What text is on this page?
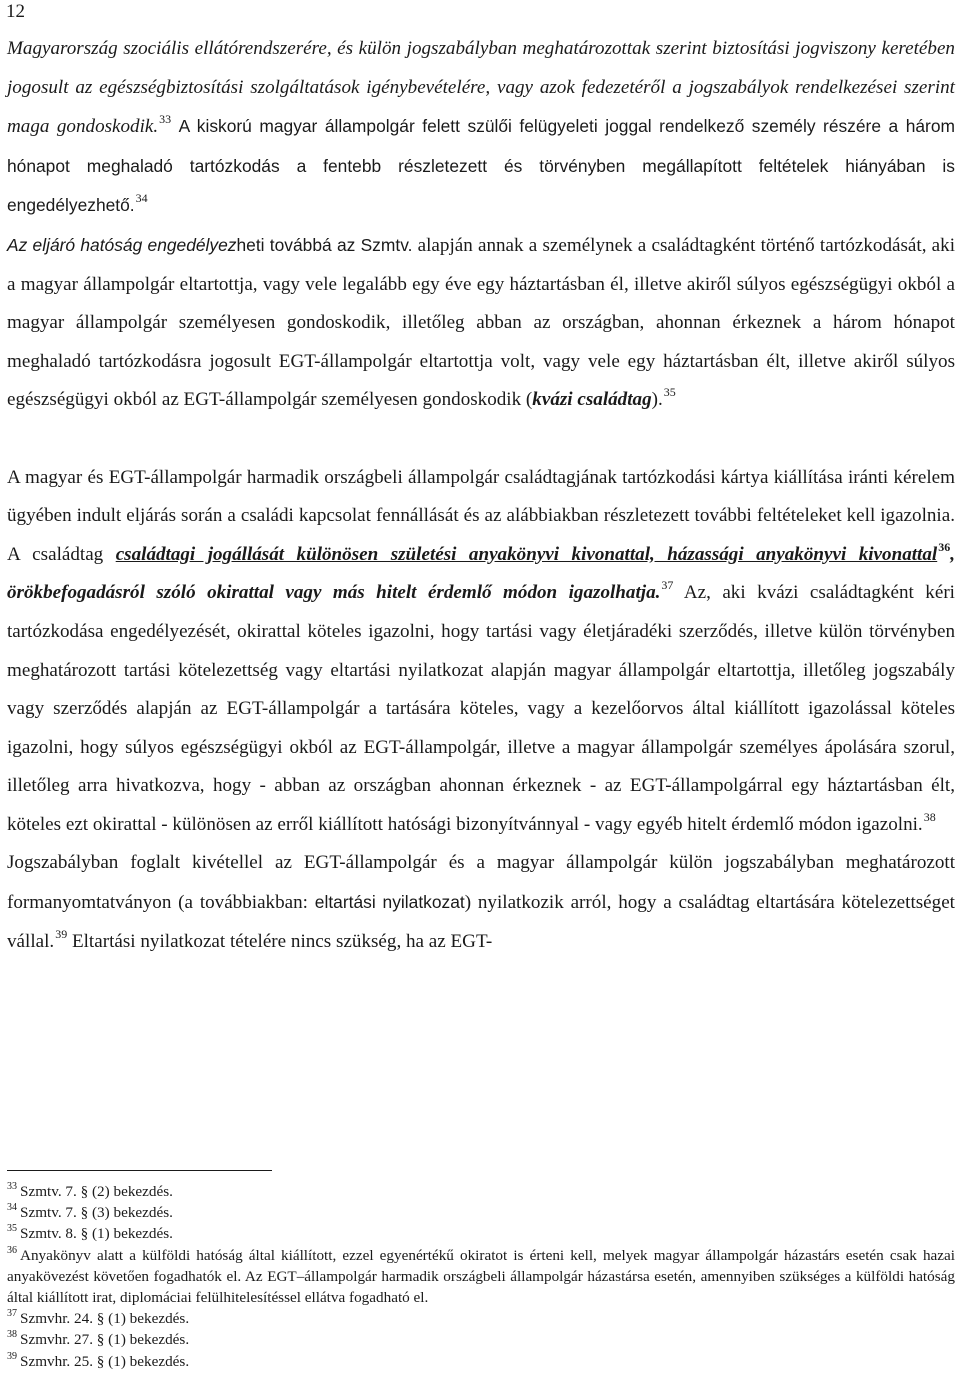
12

Magyarország szociális ellátórendszerére, és külön jogszabályban meghatározottak szerint biztosítási jogviszony keretében jogosult az egészségbiztosítási szolgáltatások igénybevételére, vagy azok fedezetéről a jogszabályok rendelkezései szerint maga gondoskodik.$^{33}$ A kiskorú magyar állampolgár felett szülői felügyeleti joggal rendelkező személy részére a három hónapot meghaladó tartózkodás a fentebb részletezett és törvényben megállapított feltételek hiányában is engedélyezhető.$^{34}$

Az eljáró hatóság engedélyezheti továbbá az Szmtv. alapján annak a személynek a családtagként történő tartózkodását, aki a magyar állampolgár eltartottja, vagy vele legalább egy éve egy háztartásban él, illetve akiről súlyos egészségügyi okból a magyar állampolgár személyesen gondoskodik, illetőleg abban az országban, ahonnan érkeznek a három hónapot meghaladó tartózkodásra jogosult EGT-állampolgár eltartottja volt, vagy vele egy háztartásban élt, illetve akiről súlyos egészségügyi okból az EGT-állampolgár személyesen gondoskodik (kvázi családtag).$^{35}$

A magyar és EGT-állampolgár harmadik országbeli állampolgár családtagjának tartózkodási kártya kiállítása iránti kérelem ügyében indult eljárás során a családi kapcsolat fennállását és az alábbiakban részletezett további feltételeket kell igazolnia. A családtag családtagi jogállását különösen születési anyakönyvi kivonattal, házassági anyakönyvi kivonattal$^{36}$, örökbefogadásról szóló okirattal vagy más hitelt érdemlő módon igazolhatja.$^{37}$ Az, aki kvázi családtagként kéri tartózkodása engedélyezését, okirattal köteles igazolni, hogy tartási vagy életjáradéki szerződés, illetve külön törvényben meghatározott tartási kötelezettség vagy eltartási nyilatkozat alapján magyar állampolgár eltartottja, illetőleg jogszabály vagy szerződés alapján az EGT-állampolgár a tartására köteles, vagy a kezelőorvos által kiállított igazolással köteles igazolni, hogy súlyos egészségügyi okból az EGT-állampolgár, illetve a magyar állampolgár személyes ápolására szorul, illetőleg arra hivatkozva, hogy - abban az országban ahonnan érkeznek - az EGT-állampolgárral egy háztartásban élt, köteles ezt okirattal - különösen az erről kiállított hatósági bizonyítvánnyal - vagy egyéb hitelt érdemlő módon igazolni.$^{38}$

Jogszabályban foglalt kivétellel az EGT-állampolgár és a magyar állampolgár külön jogszabályban meghatározott formanyomtatványon (a továbbiakban: eltartási nyilatkozat) nyilatkozik arról, hogy a családtag eltartására kötelezettséget vállal.$^{39}$ Eltartási nyilatkozat tételére nincs szükség, ha az EGT-

$^{33}$ Szmtv. 7. § (2) bekezdés.

$^{34}$ Szmtv. 7. § (3) bekezdés.

$^{35}$ Szmtv. 8. § (1) bekezdés.

$^{36}$ Anyakönyv alatt a külföldi hatóság által kiállított, ezzel egyenértékű okiratot is érteni kell, melyek magyar állampolgár házastárs esetén csak hazai anyakövezést követően fogadhatók el. Az EGT–állampolgár harmadik országbeli állampolgár házastársa esetén, amennyiben szükséges a külföldi hatóság által kiállított irat, diplomáciai felülhitelesítéssel ellátva fogadható el.

$^{37}$ Szmvhr. 24. § (1) bekezdés.

$^{38}$ Szmvhr. 27. § (1) bekezdés.

$^{39}$ Szmvhr. 25. § (1) bekezdés.
